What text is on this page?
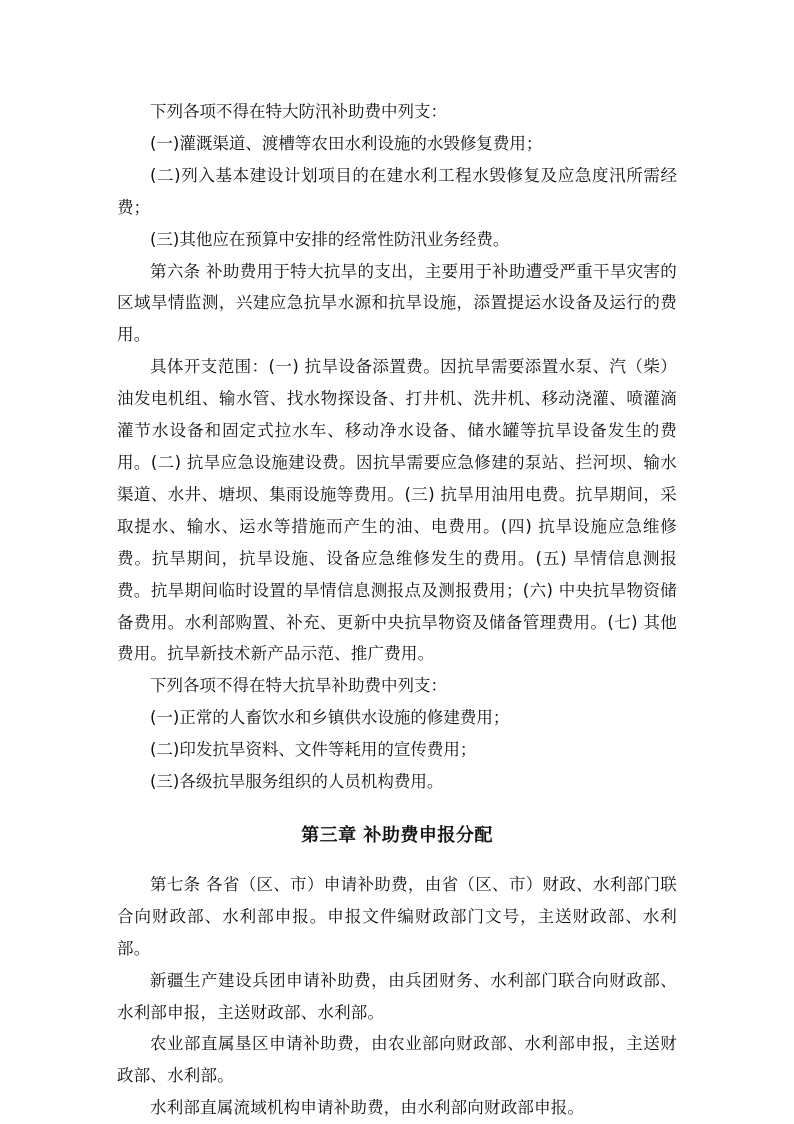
下列各项不得在特大防汛补助费中列支：

(一)灌溉渠道、渡槽等农田水利设施的水毁修复费用；

(二)列入基本建设计划项目的在建水利工程水毁修复及应急度汛所需经费；

(三)其他应在预算中安排的经常性防汛业务经费。

第六条 补助费用于特大抗旱的支出，主要用于补助遭受严重干旱灾害的区域旱情监测，兴建应急抗旱水源和抗旱设施，添置提运水设备及运行的费用。

具体开支范围：(一) 抗旱设备添置费。因抗旱需要添置水泵、汽（柴）油发电机组、输水管、找水物探设备、打井机、洗井机、移动浇灌、喷灌滴灌节水设备和固定式拉水车、移动净水设备、储水罐等抗旱设备发生的费用。(二) 抗旱应急设施建设费。因抗旱需要应急修建的泵站、拦河坝、输水渠道、水井、塘坝、集雨设施等费用。(三) 抗旱用油用电费。抗旱期间，采取提水、输水、运水等措施而产生的油、电费用。(四) 抗旱设施应急维修费。抗旱期间，抗旱设施、设备应急维修发生的费用。(五) 旱情信息测报费。抗旱期间临时设置的旱情信息测报点及测报费用；(六) 中央抗旱物资储备费用。水利部购置、补充、更新中央抗旱物资及储备管理费用。(七) 其他费用。抗旱新技术新产品示范、推广费用。

下列各项不得在特大抗旱补助费中列支：

(一)正常的人畜饮水和乡镇供水设施的修建费用；

(二)印发抗旱资料、文件等耗用的宣传费用；

(三)各级抗旱服务组织的人员机构费用。

第三章 补助费申报分配

第七条 各省（区、市）申请补助费，由省（区、市）财政、水利部门联合向财政部、水利部申报。申报文件编财政部门文号，主送财政部、水利部。

新疆生产建设兵团申请补助费，由兵团财务、水利部门联合向财政部、水利部申报，主送财政部、水利部。

农业部直属垦区申请补助费，由农业部向财政部、水利部申报，主送财政部、水利部。

水利部直属流域机构申请补助费，由水利部向财政部申报。
